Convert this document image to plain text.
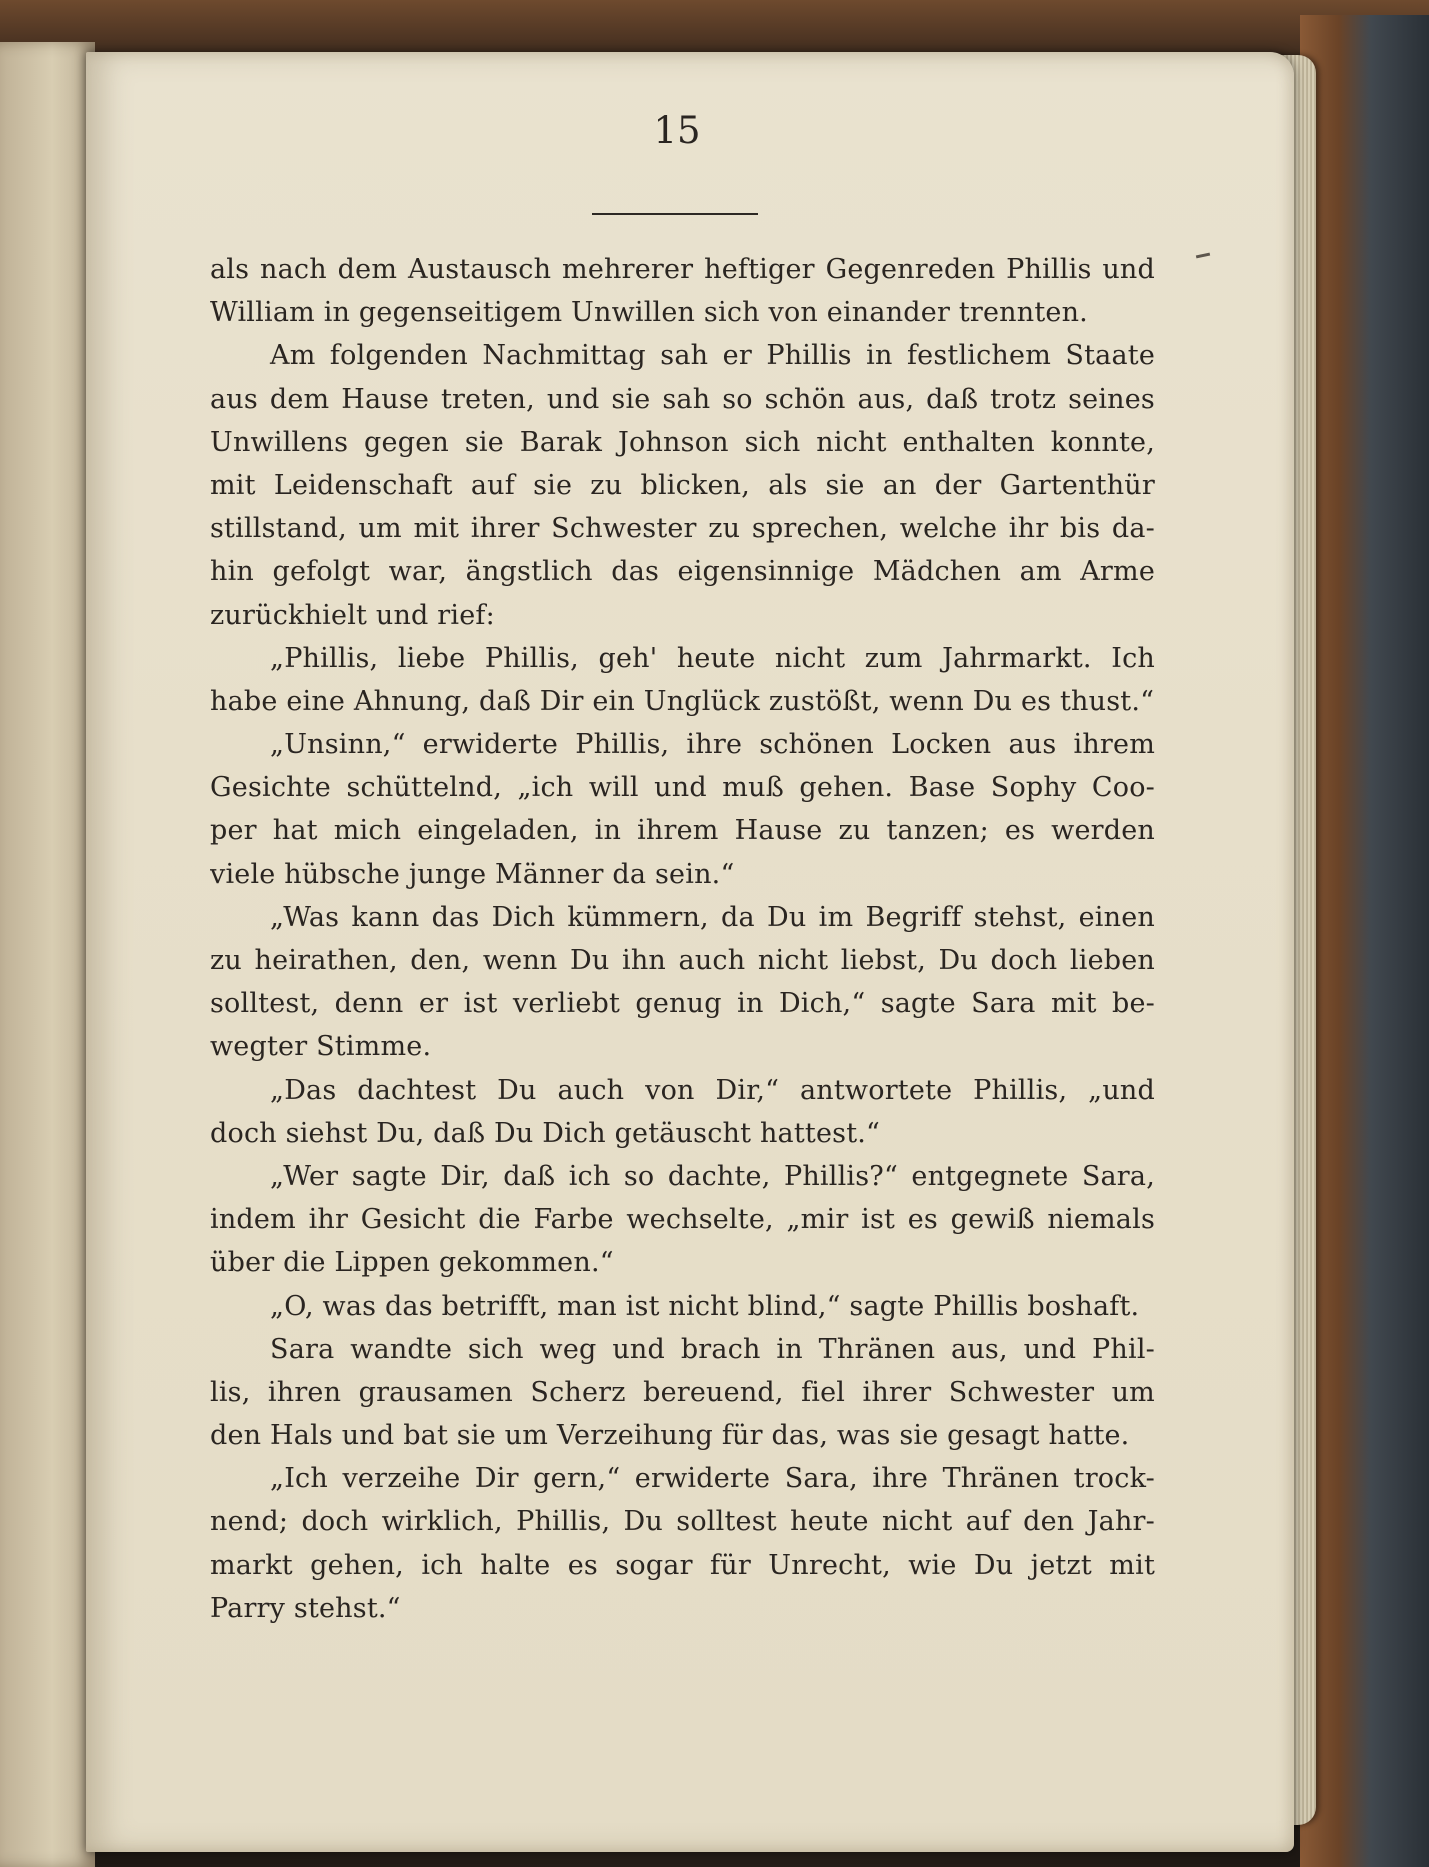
15
als nach dem Austausch mehrerer heftiger Gegenreden Phillis und
William in gegenseitigem Unwillen sich von einander trennten.
Am folgenden Nachmittag sah er Phillis in festlichem Staate
aus dem Hause treten, und sie sah so schön aus, daß trotz seines
Unwillens gegen sie Barak Johnson sich nicht enthalten konnte,
mit Leidenschaft auf sie zu blicken, als sie an der Gartenthür
stillstand, um mit ihrer Schwester zu sprechen, welche ihr bis da-
hin gefolgt war, ängstlich das eigensinnige Mädchen am Arme
zurückhielt und rief:
„Phillis, liebe Phillis, geh' heute nicht zum Jahrmarkt. Ich
habe eine Ahnung, daß Dir ein Unglück zustößt, wenn Du es thust.“
„Unsinn,“ erwiderte Phillis, ihre schönen Locken aus ihrem
Gesichte schüttelnd, „ich will und muß gehen. Base Sophy Coo-
per hat mich eingeladen, in ihrem Hause zu tanzen; es werden
viele hübsche junge Männer da sein.“
„Was kann das Dich kümmern, da Du im Begriff stehst, einen
zu heirathen, den, wenn Du ihn auch nicht liebst, Du doch lieben
solltest, denn er ist verliebt genug in Dich,“ sagte Sara mit be-
wegter Stimme.
„Das dachtest Du auch von Dir,“ antwortete Phillis, „und
doch siehst Du, daß Du Dich getäuscht hattest.“
„Wer sagte Dir, daß ich so dachte, Phillis?“ entgegnete Sara,
indem ihr Gesicht die Farbe wechselte, „mir ist es gewiß niemals
über die Lippen gekommen.“
„O, was das betrifft, man ist nicht blind,“ sagte Phillis boshaft.
Sara wandte sich weg und brach in Thränen aus, und Phil-
lis, ihren grausamen Scherz bereuend, fiel ihrer Schwester um
den Hals und bat sie um Verzeihung für das, was sie gesagt hatte.
„Ich verzeihe Dir gern,“ erwiderte Sara, ihre Thränen trock-
nend; doch wirklich, Phillis, Du solltest heute nicht auf den Jahr-
markt gehen, ich halte es sogar für Unrecht, wie Du jetzt mit
Parry stehst.“
